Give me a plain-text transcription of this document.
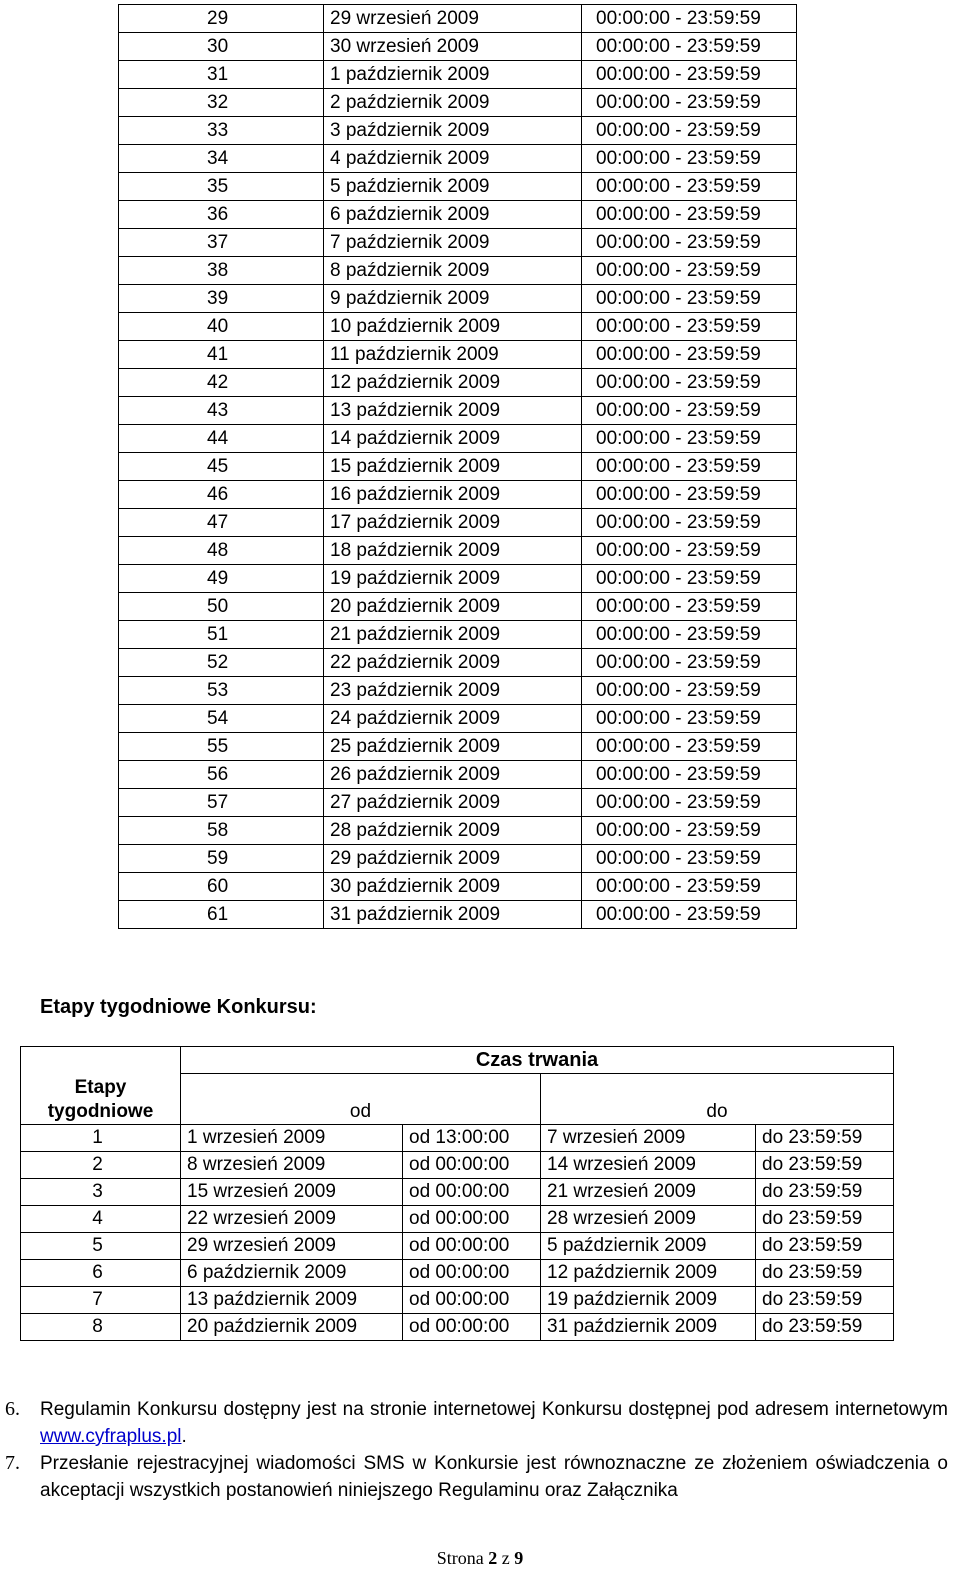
29	29 wrzesień 2009	00:00:00 - 23:59:59
30	30 wrzesień 2009	00:00:00 - 23:59:59
31	1 październik 2009	00:00:00 - 23:59:59
32	2 październik 2009	00:00:00 - 23:59:59
33	3 październik 2009	00:00:00 - 23:59:59
34	4 październik 2009	00:00:00 - 23:59:59
35	5 październik 2009	00:00:00 - 23:59:59
36	6 październik 2009	00:00:00 - 23:59:59
37	7 październik 2009	00:00:00 - 23:59:59
38	8 październik 2009	00:00:00 - 23:59:59
39	9 październik 2009	00:00:00 - 23:59:59
40	10 październik 2009	00:00:00 - 23:59:59
41	11 październik 2009	00:00:00 - 23:59:59
42	12 październik 2009	00:00:00 - 23:59:59
43	13 październik 2009	00:00:00 - 23:59:59
44	14 październik 2009	00:00:00 - 23:59:59
45	15 październik 2009	00:00:00 - 23:59:59
46	16 październik 2009	00:00:00 - 23:59:59
47	17 październik 2009	00:00:00 - 23:59:59
48	18 październik 2009	00:00:00 - 23:59:59
49	19 październik 2009	00:00:00 - 23:59:59
50	20 październik 2009	00:00:00 - 23:59:59
51	21 październik 2009	00:00:00 - 23:59:59
52	22 październik 2009	00:00:00 - 23:59:59
53	23 październik 2009	00:00:00 - 23:59:59
54	24 październik 2009	00:00:00 - 23:59:59
55	25 październik 2009	00:00:00 - 23:59:59
56	26 październik 2009	00:00:00 - 23:59:59
57	27 październik 2009	00:00:00 - 23:59:59
58	28 październik 2009	00:00:00 - 23:59:59
59	29 październik 2009	00:00:00 - 23:59:59
60	30 październik 2009	00:00:00 - 23:59:59
61	31 październik 2009	00:00:00 - 23:59:59
Etapy tygodniowe Konkursu:
	Czas trwania			
Etapy
tygodniowe	od		do	
1	1 wrzesień 2009	od 13:00:00	7 wrzesień 2009	do 23:59:59
2	8 wrzesień 2009	od 00:00:00	14 wrzesień 2009	do 23:59:59
3	15 wrzesień 2009	od 00:00:00	21 wrzesień 2009	do 23:59:59
4	22 wrzesień 2009	od 00:00:00	28 wrzesień 2009	do 23:59:59
5	29 wrzesień 2009	od 00:00:00	5 październik 2009	do 23:59:59
6	6 październik 2009	od 00:00:00	12 październik 2009	do 23:59:59
7	13 październik 2009	od 00:00:00	19 październik 2009	do 23:59:59
8	20 październik 2009	od 00:00:00	31 październik 2009	do 23:59:59

6. Regulamin Konkursu dostępny jest na stronie internetowej Konkursu dostępnej pod adresem internetowym www.cyfraplus.pl.

7. Przesłanie rejestracyjnej wiadomości SMS w Konkursie jest równoznaczne ze złożeniem oświadczenia o akceptacji wszystkich postanowień niniejszego Regulaminu oraz Załącznika

Strona 2 z 9
